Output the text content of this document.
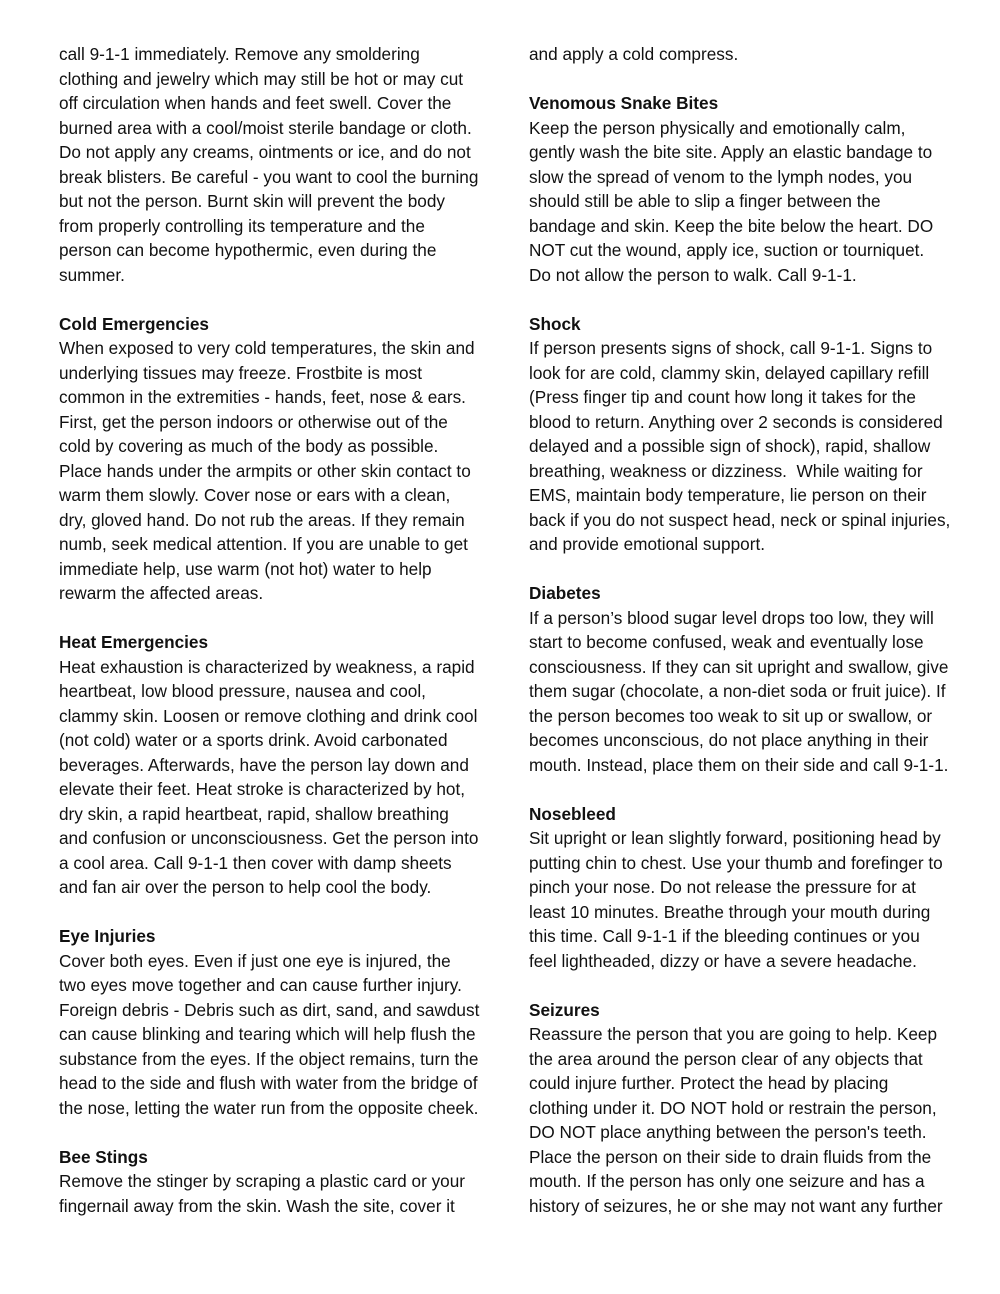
call 9-1-1 immediately. Remove any smoldering
clothing and jewelry which may still be hot or may cut
off circulation when hands and feet swell. Cover the
burned area with a cool/moist sterile bandage or cloth.
Do not apply any creams, ointments or ice, and do not
break blisters. Be careful - you want to cool the burning
but not the person. Burnt skin will prevent the body
from properly controlling its temperature and the
person can become hypothermic, even during the
summer.
Cold Emergencies
When exposed to very cold temperatures, the skin and
underlying tissues may freeze. Frostbite is most
common in the extremities - hands, feet, nose & ears.
First, get the person indoors or otherwise out of the
cold by covering as much of the body as possible.
Place hands under the armpits or other skin contact to
warm them slowly. Cover nose or ears with a clean,
dry, gloved hand. Do not rub the areas. If they remain
numb, seek medical attention. If you are unable to get
immediate help, use warm (not hot) water to help
rewarm the affected areas.
Heat Emergencies
Heat exhaustion is characterized by weakness, a rapid
heartbeat, low blood pressure, nausea and cool,
clammy skin. Loosen or remove clothing and drink cool
(not cold) water or a sports drink. Avoid carbonated
beverages. Afterwards, have the person lay down and
elevate their feet. Heat stroke is characterized by hot,
dry skin, a rapid heartbeat, rapid, shallow breathing
and confusion or unconsciousness. Get the person into
a cool area. Call 9-1-1 then cover with damp sheets
and fan air over the person to help cool the body.
Eye Injuries
Cover both eyes. Even if just one eye is injured, the
two eyes move together and can cause further injury.
Foreign debris - Debris such as dirt, sand, and sawdust
can cause blinking and tearing which will help flush the
substance from the eyes. If the object remains, turn the
head to the side and flush with water from the bridge of
the nose, letting the water run from the opposite cheek.
Bee Stings
Remove the stinger by scraping a plastic card or your
fingernail away from the skin. Wash the site, cover it
and apply a cold compress.
Venomous Snake Bites
Keep the person physically and emotionally calm,
gently wash the bite site. Apply an elastic bandage to
slow the spread of venom to the lymph nodes, you
should still be able to slip a finger between the
bandage and skin. Keep the bite below the heart. DO
NOT cut the wound, apply ice, suction or tourniquet.
Do not allow the person to walk. Call 9-1-1.
Shock
If person presents signs of shock, call 9-1-1. Signs to
look for are cold, clammy skin, delayed capillary refill
(Press finger tip and count how long it takes for the
blood to return. Anything over 2 seconds is considered
delayed and a possible sign of shock), rapid, shallow
breathing, weakness or dizziness.  While waiting for
EMS, maintain body temperature, lie person on their
back if you do not suspect head, neck or spinal injuries,
and provide emotional support.
Diabetes
If a person’s blood sugar level drops too low, they will
start to become confused, weak and eventually lose
consciousness. If they can sit upright and swallow, give
them sugar (chocolate, a non-diet soda or fruit juice). If
the person becomes too weak to sit up or swallow, or
becomes unconscious, do not place anything in their
mouth. Instead, place them on their side and call 9-1-1.
Nosebleed
Sit upright or lean slightly forward, positioning head by
putting chin to chest. Use your thumb and forefinger to
pinch your nose. Do not release the pressure for at
least 10 minutes. Breathe through your mouth during
this time. Call 9-1-1 if the bleeding continues or you
feel lightheaded, dizzy or have a severe headache.
Seizures
Reassure the person that you are going to help. Keep
the area around the person clear of any objects that
could injure further. Protect the head by placing
clothing under it. DO NOT hold or restrain the person,
DO NOT place anything between the person's teeth.
Place the person on their side to drain fluids from the
mouth. If the person has only one seizure and has a
history of seizures, he or she may not want any further
